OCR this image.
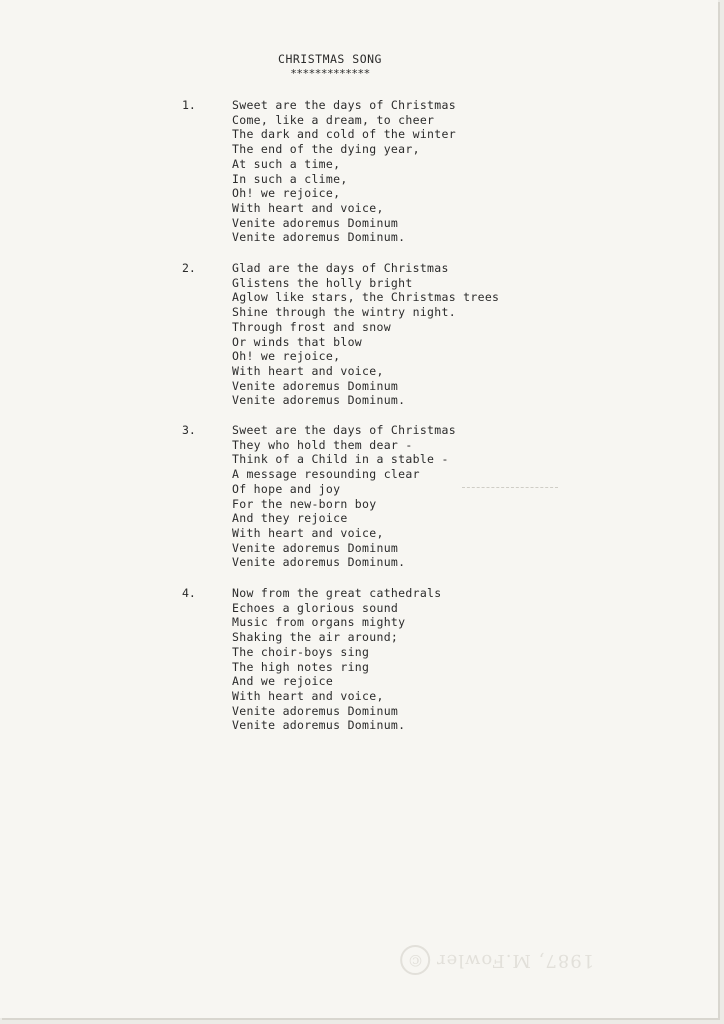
CHRISTMAS SONG
*************
1.	Sweet are the days of Christmas
Come, like a dream, to cheer
The dark and cold of the winter
The end of the dying year,
At such a time,
In such a clime,
Oh! we rejoice,
With heart and voice,
Venite adoremus Dominum
Venite adoremus Dominum.
2.	Glad are the days of Christmas
Glistens the holly bright
Aglow like stars, the Christmas trees
Shine through the wintry night.
Through frost and snow
Or winds that blow
Oh! we rejoice,
With heart and voice,
Venite adoremus Dominum
Venite adoremus Dominum.
3.	Sweet are the days of Christmas
They who hold them dear -
Think of a Child in a stable -
A message resounding clear
Of hope and joy
For the new-born boy
And they rejoice
With heart and voice,
Venite adoremus Dominum
Venite adoremus Dominum.
4.	Now from the great cathedrals
Echoes a glorious sound
Music from organs mighty
Shaking the air around;
The choir-boys sing
The high notes ring
And we rejoice
With heart and voice,
Venite adoremus Dominum
Venite adoremus Dominum.
1987, M.Fowler©
